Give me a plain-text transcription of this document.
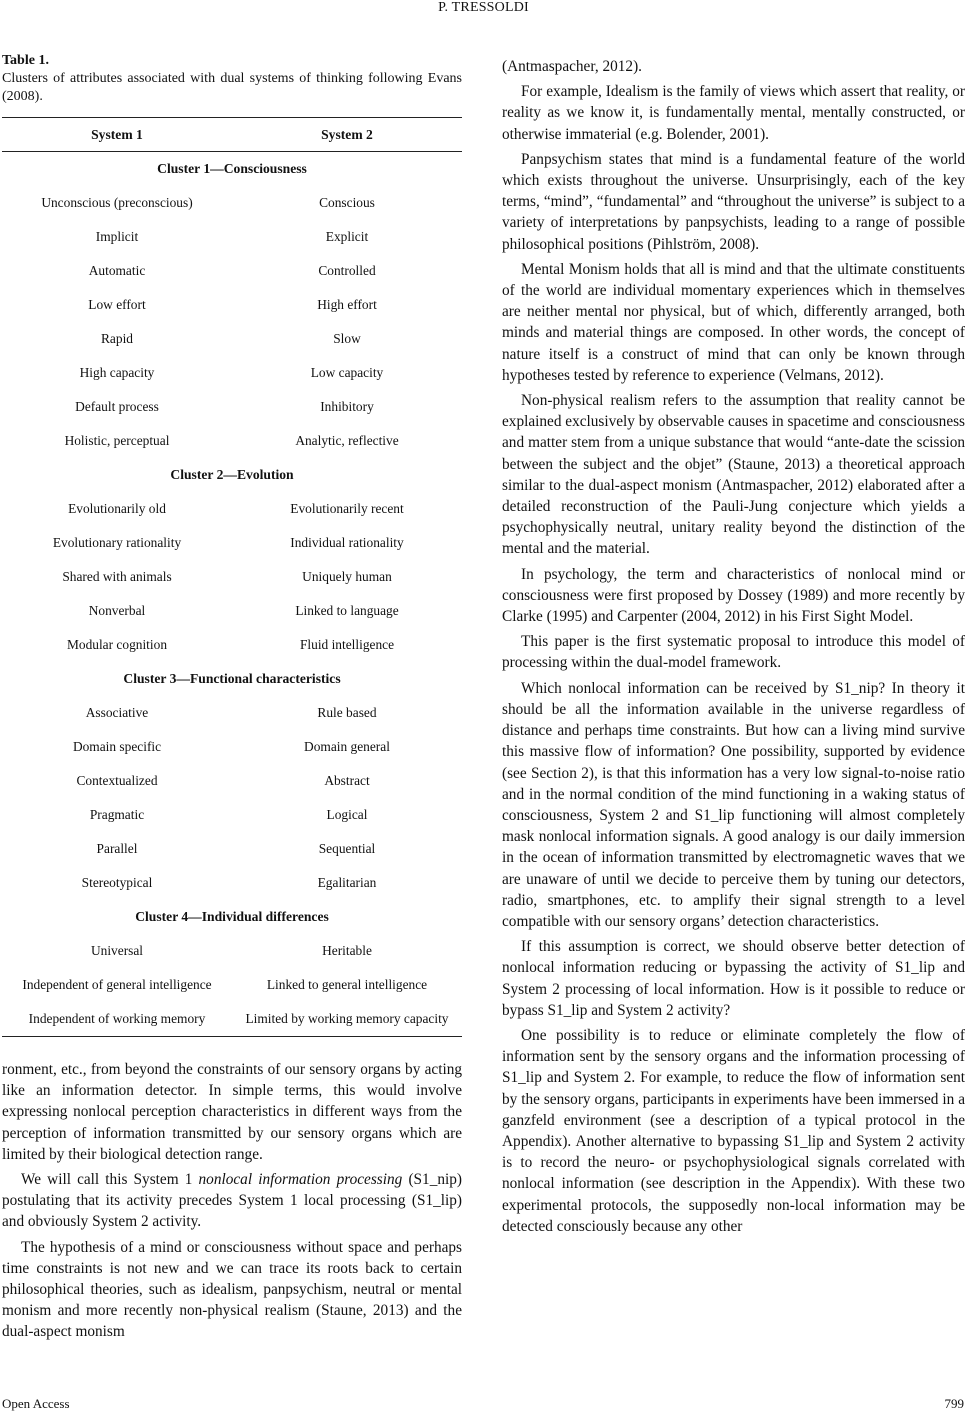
P. TRESSOLDI

Table 1.

Clusters of attributes associated with dual systems of thinking following Evans (2008).

System 1	System 2
Cluster 1—Consciousness
Unconscious (preconscious)	Conscious
Implicit	Explicit
Automatic	Controlled
Low effort	High effort
Rapid	Slow
High capacity	Low capacity
Default process	Inhibitory
Holistic, perceptual	Analytic, reflective
Cluster 2—Evolution
Evolutionarily old	Evolutionarily recent
Evolutionary rationality	Individual rationality
Shared with animals	Uniquely human
Nonverbal	Linked to language
Modular cognition	Fluid intelligence
Cluster 3—Functional characteristics
Associative	Rule based
Domain specific	Domain general
Contextualized	Abstract
Pragmatic	Logical
Parallel	Sequential
Stereotypical	Egalitarian
Cluster 4—Individual differences
Universal	Heritable
Independent of general intelligence	Linked to general intelligence
Independent of working memory	Limited by working memory capacity

ronment, etc., from beyond the constraints of our sensory organs by acting like an information detector. In simple terms, this would involve expressing nonlocal perception characteristics in different ways from the perception of information transmitted by our sensory organs which are limited by their biological detection range.

We will call this System 1 nonlocal information processing (S1_nip) postulating that its activity precedes System 1 local processing (S1_lip) and obviously System 2 activity.

The hypothesis of a mind or consciousness without space and perhaps time constraints is not new and we can trace its roots back to certain philosophical theories, such as idealism, panpsychism, neutral or mental monism and more recently non-physical realism (Staune, 2013) and the dual-aspect monism

(Antmaspacher, 2012).

For example, Idealism is the family of views which assert that reality, or reality as we know it, is fundamentally mental, mentally constructed, or otherwise immaterial (e.g. Bolender, 2001).

Panpsychism states that mind is a fundamental feature of the world which exists throughout the universe. Unsurprisingly, each of the key terms, “mind”, “fundamental” and “throughout the universe” is subject to a variety of interpretations by panpsychists, leading to a range of possible philosophical positions (Pihlström, 2008).

Mental Monism holds that all is mind and that the ultimate constituents of the world are individual momentary experiences which in themselves are neither mental nor physical, but of which, differently arranged, both minds and material things are composed. In other words, the concept of nature itself is a construct of mind that can only be known through hypotheses tested by reference to experience (Velmans, 2012).

Non-physical realism refers to the assumption that reality cannot be explained exclusively by observable causes in spacetime and consciousness and matter stem from a unique substance that would “ante-date the scission between the subject and the objet” (Staune, 2013) a theoretical approach similar to the dual-aspect monism (Antmaspacher, 2012) elaborated after a detailed reconstruction of the Pauli-Jung conjecture which yields a psychophysically neutral, unitary reality beyond the distinction of the mental and the material.

In psychology, the term and characteristics of nonlocal mind or consciousness were first proposed by Dossey (1989) and more recently by Clarke (1995) and Carpenter (2004, 2012) in his First Sight Model.

This paper is the first systematic proposal to introduce this model of processing within the dual-model framework.

Which nonlocal information can be received by S1_nip? In theory it should be all the information available in the universe regardless of distance and perhaps time constraints. But how can a living mind survive this massive flow of information? One possibility, supported by evidence (see Section 2), is that this information has a very low signal-to-noise ratio and in the normal condition of the mind functioning in a waking status of consciousness, System 2 and S1_lip functioning will almost completely mask nonlocal information signals. A good analogy is our daily immersion in the ocean of information transmitted by electromagnetic waves that we are unaware of until we decide to perceive them by tuning our detectors, radio, smartphones, etc. to amplify their signal strength to a level compatible with our sensory organs’ detection characteristics.

If this assumption is correct, we should observe better detection of nonlocal information reducing or bypassing the activity of S1_lip and System 2 processing of local information. How is it possible to reduce or bypass S1_lip and System 2 activity?

One possibility is to reduce or eliminate completely the flow of information sent by the sensory organs and the information processing of S1_lip and System 2. For example, to reduce the flow of information sent by the sensory organs, participants in experiments have been immersed in a ganzfeld environment (see a description of a typical protocol in the Appendix). Another alternative to bypassing S1_lip and System 2 activity is to record the neuro- or psychophysiological signals correlated with nonlocal information (see description in the Appendix). With these two experimental protocols, the supposedly non-local information may be detected consciously because any other

Open Access	799
